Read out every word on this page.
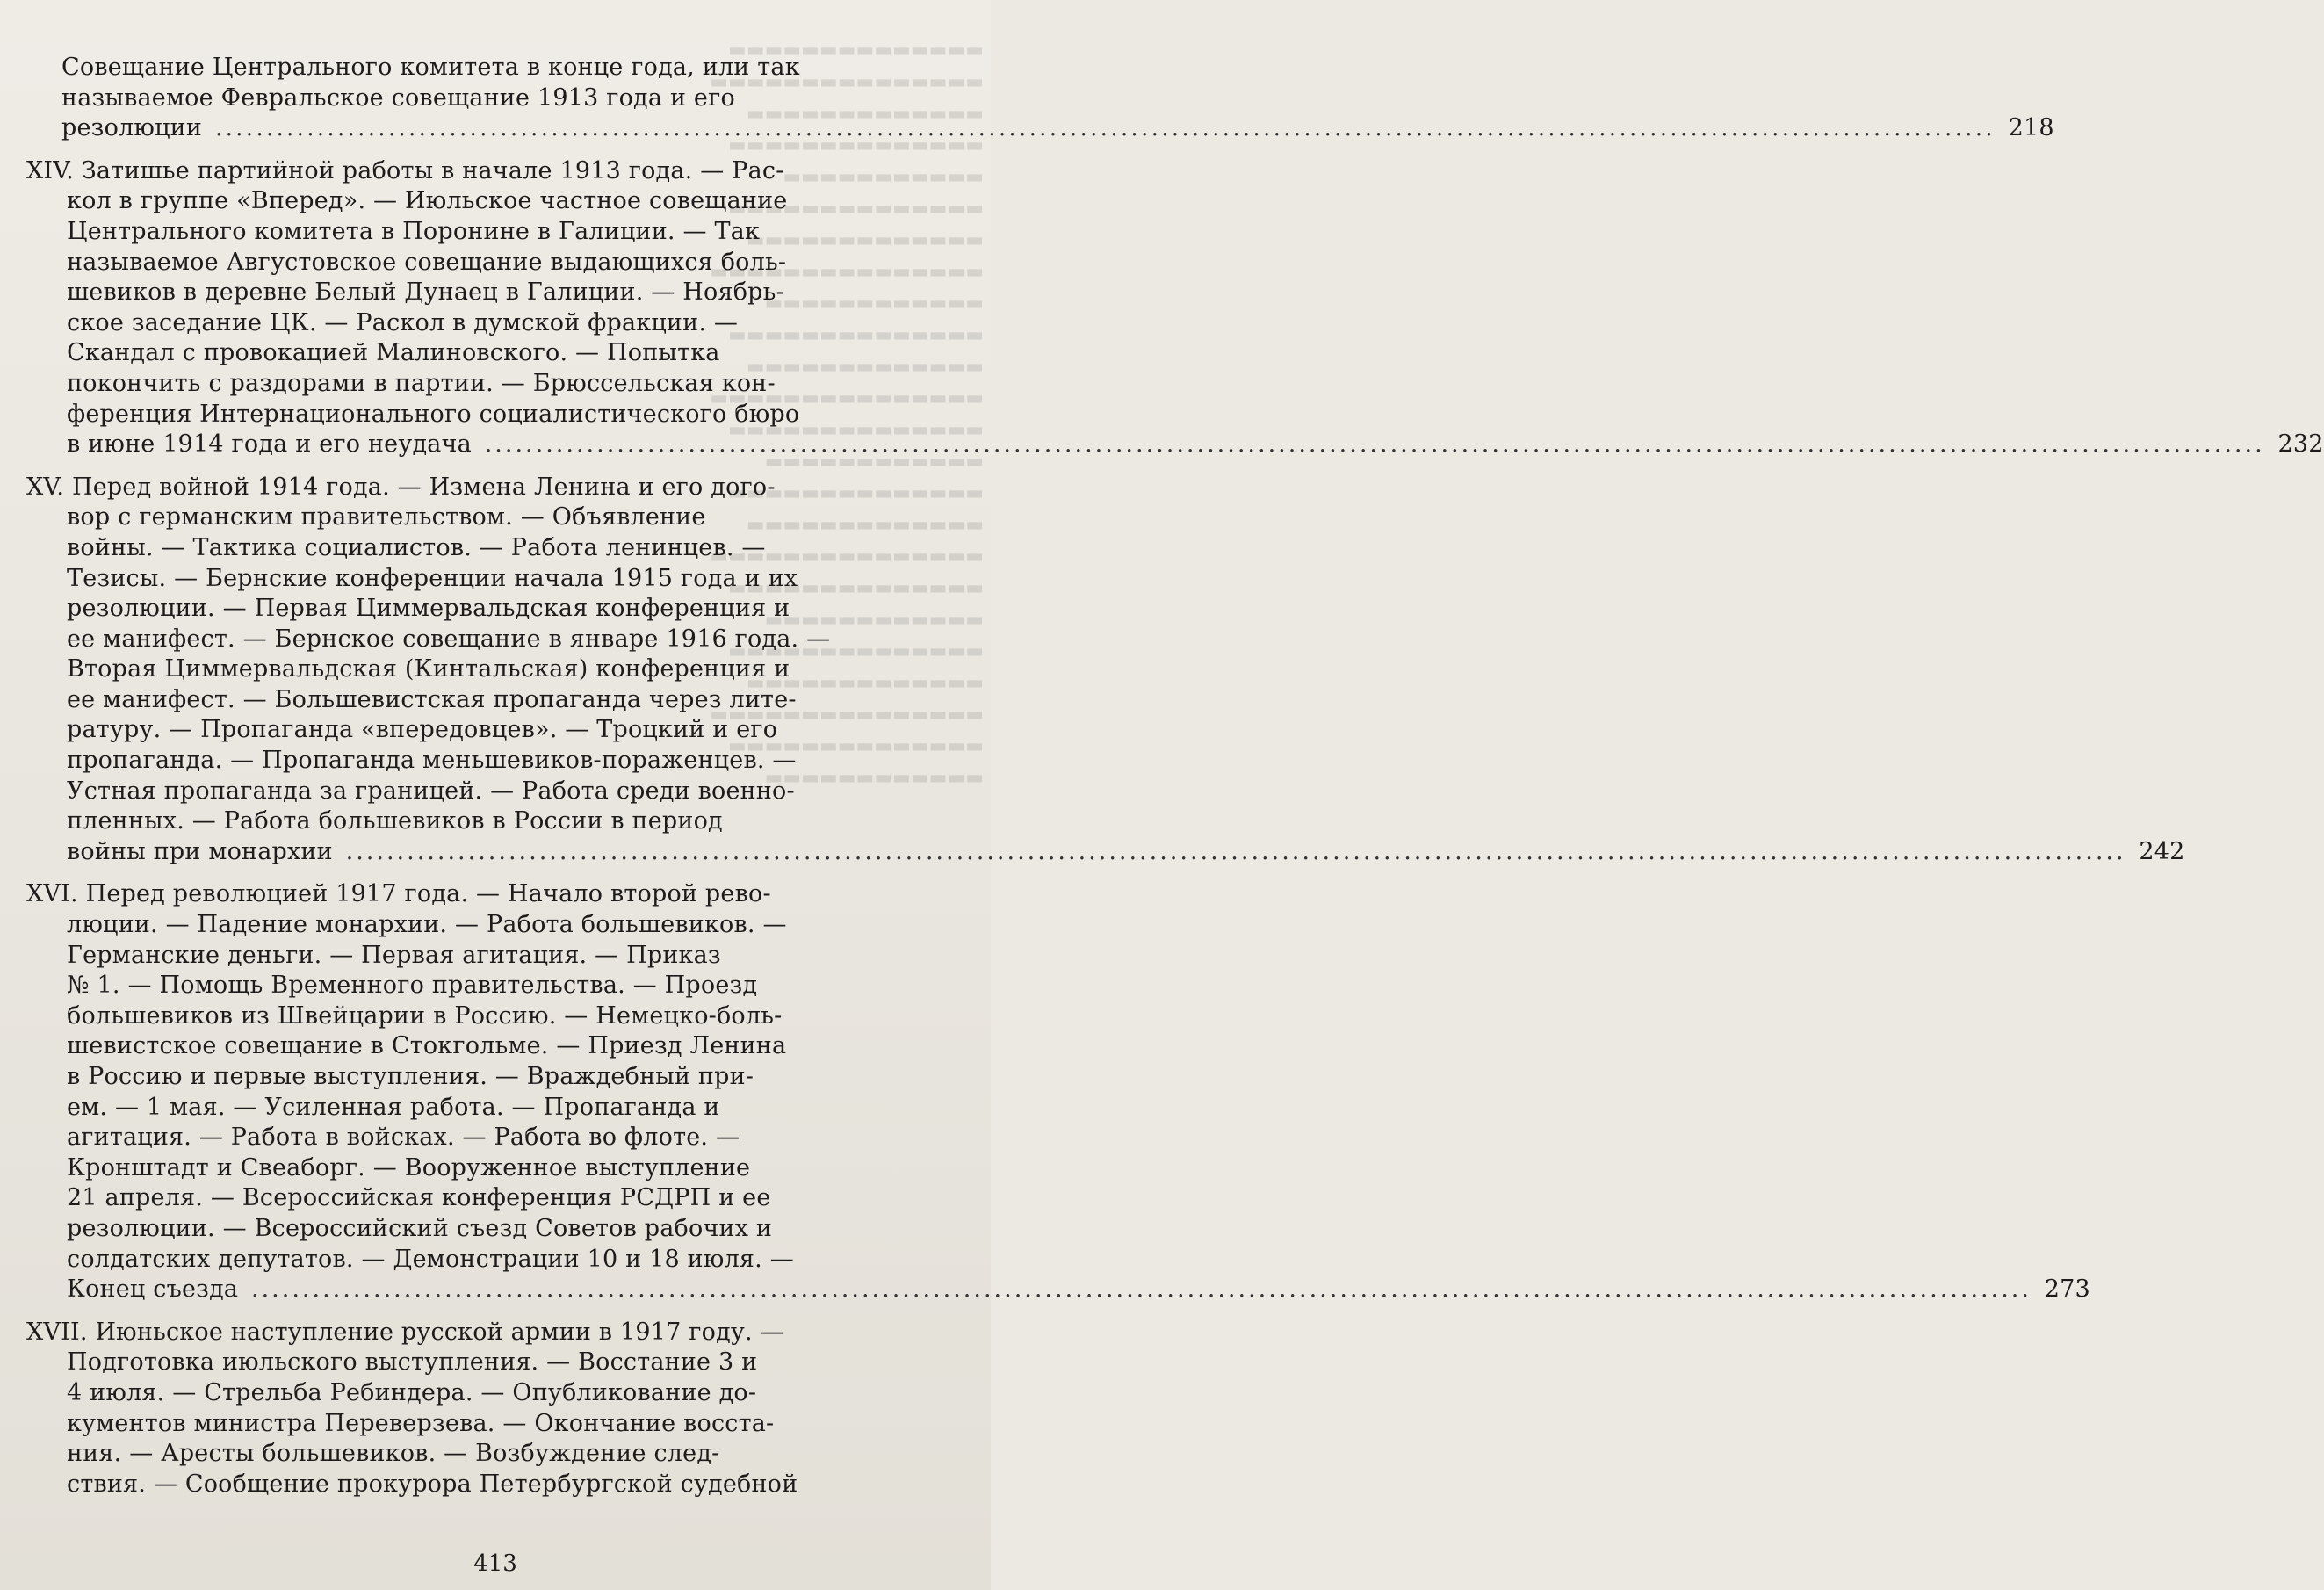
▬▬▬▬▬▬▬▬▬▬▬▬▬▬
▬▬▬▬▬▬▬▬▬▬▬▬▬▬▬
▬▬▬▬▬▬▬▬▬▬▬▬▬
▬▬▬▬▬▬▬▬▬▬▬▬▬▬
▬▬▬▬▬▬▬▬▬▬▬
▬▬▬▬▬▬▬▬▬▬▬▬▬▬
▬▬▬▬▬▬▬▬▬▬▬▬▬
▬▬▬▬▬▬▬▬▬▬▬▬▬▬▬
▬▬▬▬▬▬▬▬▬▬▬▬
▬▬▬▬▬▬▬▬▬▬▬▬▬▬
▬▬▬▬▬▬▬▬▬▬▬▬▬
▬▬▬▬▬▬▬▬▬▬▬▬▬▬▬
▬▬▬▬▬▬▬▬▬▬▬▬▬▬
▬▬▬▬▬▬▬▬▬▬▬▬
▬▬▬▬▬▬▬▬▬▬▬▬▬▬
▬▬▬▬▬▬▬▬▬▬▬▬▬
▬▬▬▬▬▬▬▬▬▬▬▬▬▬▬
▬▬▬▬▬▬▬▬▬▬▬▬▬▬
▬▬▬▬▬▬▬▬▬▬▬▬
▬▬▬▬▬▬▬▬▬▬▬▬▬▬
▬▬▬▬▬▬▬▬▬▬▬▬▬
▬▬▬▬▬▬▬▬▬▬▬▬▬▬▬
▬▬▬▬▬▬▬▬▬▬▬▬▬▬
▬▬▬▬▬▬▬▬▬▬▬▬
Совещание Центрального комитета в конце года, или так
называемое Февральское совещание 1913 года и его
резолюции .....	218
XIV. Затишье партийной работы в начале 1913 года. — Рас-
кол в группе «Вперед». — Июльское частное совещание
Центрального комитета в Поронине в Галиции. — Так
называемое Августовское совещание выдающихся боль-
шевиков в деревне Белый Дунаец в Галиции. — Ноябрь-
ское заседание ЦК. — Раскол в думской фракции. —
Скандал с провокацией Малиновского. — Попытка
покончить с раздорами в партии. — Брюссельская кон-
ференция Интернационального социалистического бюро
в июне 1914 года и его неудача .....	232
XV. Перед войной 1914 года. — Измена Ленина и его дого-
вор с германским правительством. — Объявление
войны. — Тактика социалистов. — Работа ленинцев. —
Тезисы. — Бернские конференции начала 1915 года и их
резолюции. — Первая Циммервальдская конференция и
ее манифест. — Бернское совещание в январе 1916 года. —
Вторая Циммервальдская (Кинтальская) конференция и
ее манифест. — Большевистская пропаганда через лите-
ратуру. — Пропаганда «впередовцев». — Троцкий и его
пропаганда. — Пропаганда меньшевиков-пораженцев. —
Устная пропаганда за границей. — Работа среди военно-
пленных. — Работа большевиков в России в период
войны при монархии .....	242
XVI. Перед революцией 1917 года. — Начало второй рево-
люции. — Падение монархии. — Работа большевиков. —
Германские деньги. — Первая агитация. — Приказ
№ 1. — Помощь Временного правительства. — Проезд
большевиков из Швейцарии в Россию. — Немецко-боль-
шевистское совещание в Стокгольме. — Приезд Ленина
в Россию и первые выступления. — Враждебный при-
ем. — 1 мая. — Усиленная работа. — Пропаганда и
агитация. — Работа в войсках. — Работа во флоте. —
Кронштадт и Свеаборг. — Вооруженное выступление
21 апреля. — Всероссийская конференция РСДРП и ее
резолюции. — Всероссийский съезд Советов рабочих и
солдатских депутатов. — Демонстрации 10 и 18 июля. —
Конец съезда .....	273
XVII. Июньское наступление русской армии в 1917 году. —
Подготовка июльского выступления. — Восстание 3 и
4 июля. — Стрельба Ребиндера. — Опубликование до-
кументов министра Переверзева. — Окончание восста-
ния. — Аресты большевиков. — Возбуждение след-
ствия. — Сообщение прокурора Петербургской судебной
413
